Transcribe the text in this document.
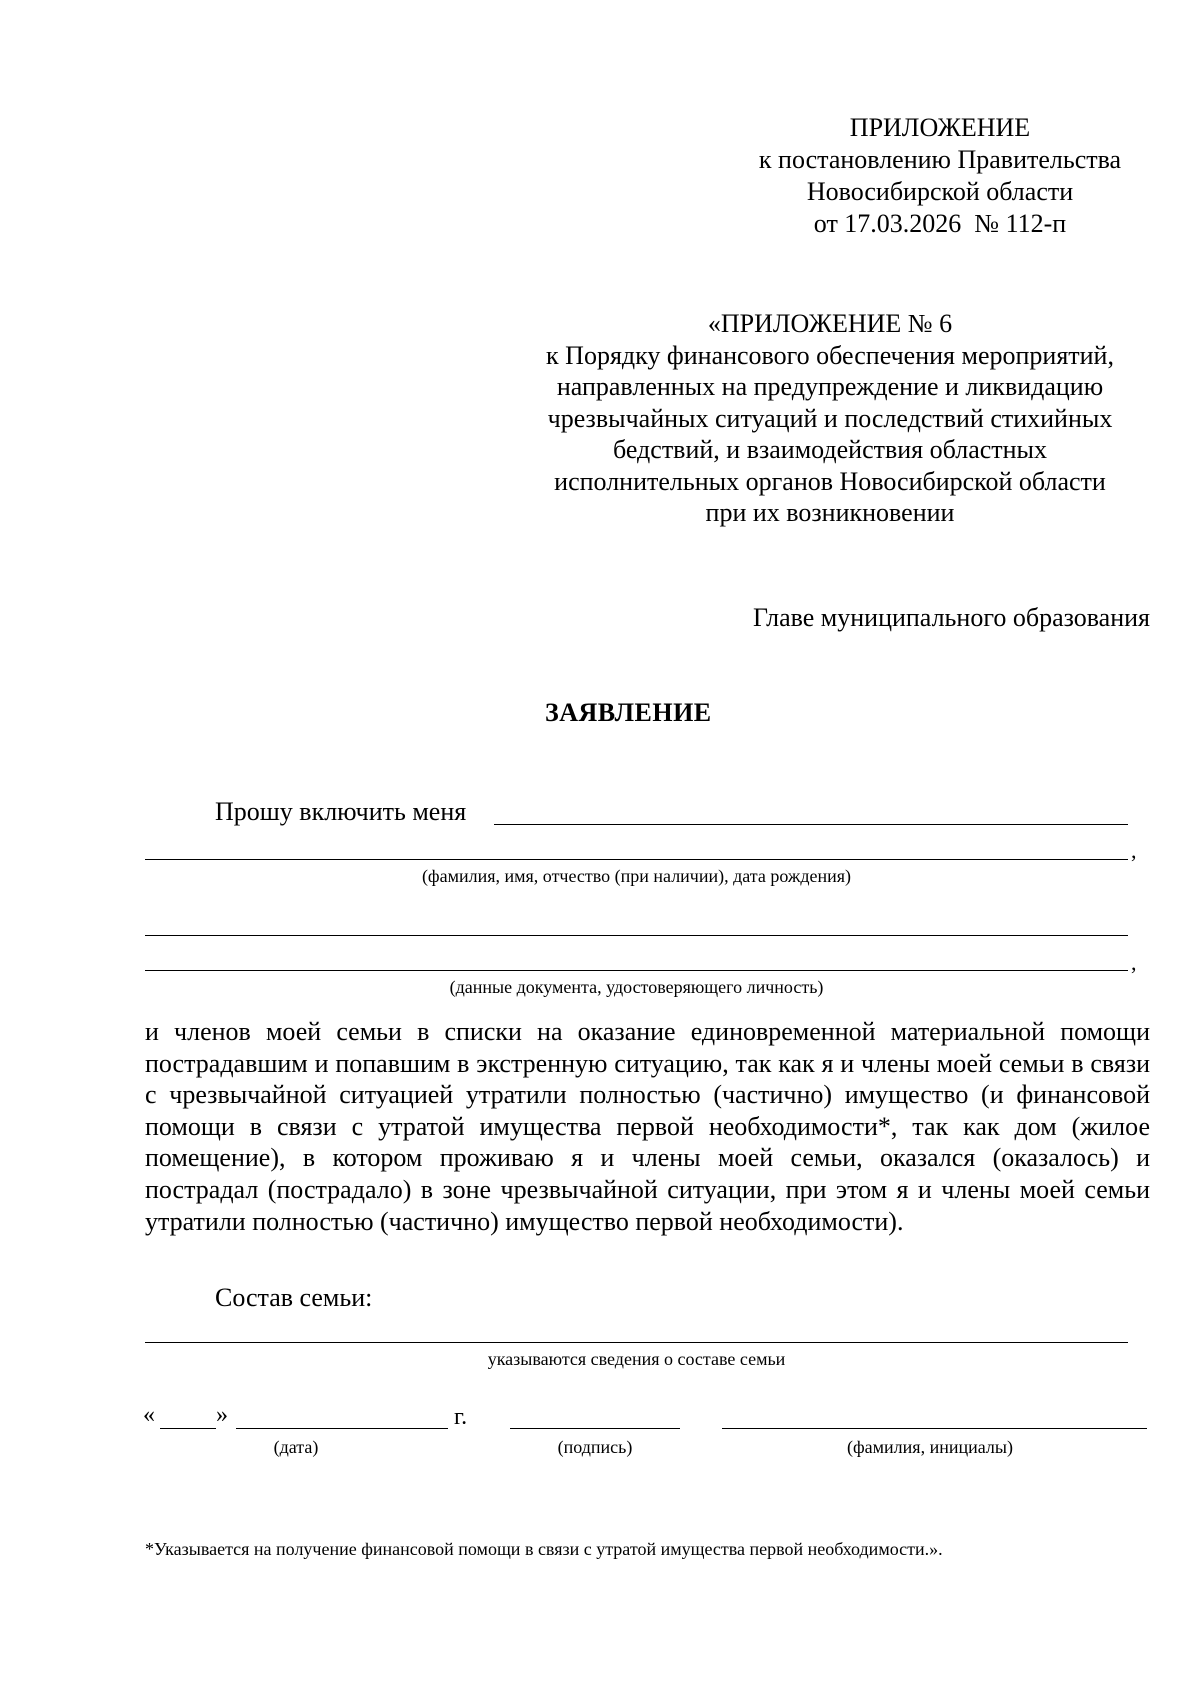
ПРИЛОЖЕНИЕ
к постановлению Правительства
Новосибирской области
от 17.03.2026  № 112-п
«ПРИЛОЖЕНИЕ № 6
к Порядку финансового обеспечения мероприятий,
направленных на предупреждение и ликвидацию
чрезвычайных ситуаций и последствий стихийных
бедствий, и взаимодействия областных
исполнительных органов Новосибирской области
при их возникновении
Главе муниципального образования
ЗАЯВЛЕНИЕ
Прошу включить меня
,
(фамилия, имя, отчество (при наличии), дата рождения)
,
(данные документа, удостоверяющего личность)
и членов моей семьи в списки на оказание единовременной материальной помощи пострадавшим и попавшим в экстренную ситуацию, так как я и члены моей семьи в связи с чрезвычайной ситуацией утратили полностью (частично) имущество (и финансовой помощи в связи с утратой имущества первой необходимости*, так как дом (жилое помещение), в котором проживаю я и члены моей семьи, оказался (оказалось) и пострадал (пострадало) в зоне чрезвычайной ситуации, при этом я и члены моей семьи утратили полностью (частично) имущество первой необходимости).
Состав семьи:
указываются сведения о составе семьи
«	»	г.
(дата)	(подпись)	(фамилия, инициалы)
*Указывается на получение финансовой помощи в связи с утратой имущества первой необходимости.».
